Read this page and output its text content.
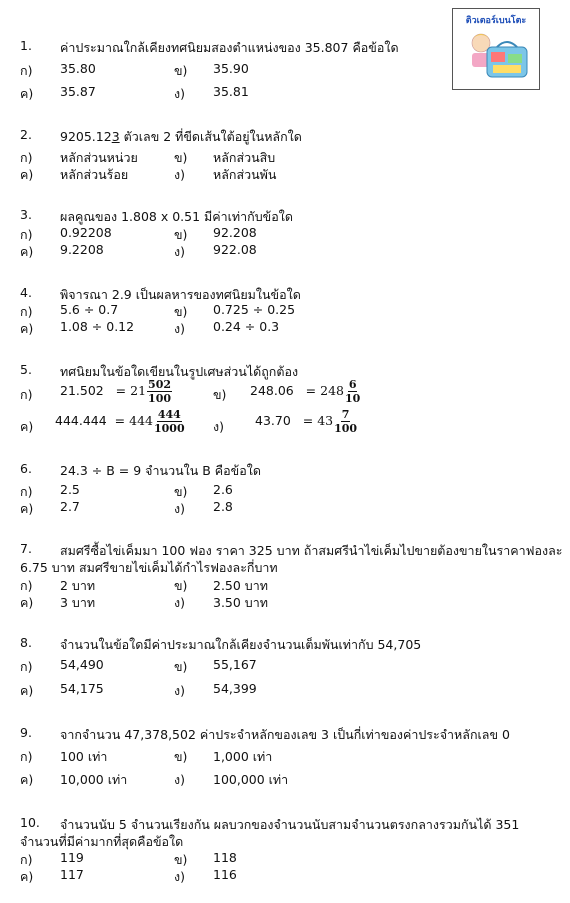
ติวเตอร์เบนโตะ
1. ค่าประมาณใกล้เคียงทศนิยมสองตำแหน่งของ 35.807 คือข้อใด
ก) 35.80	ข) 35.90
ค) 35.87	ง) 35.81
2. 9205.123 ตัวเลข 2 ที่ขีดเส้นใต้อยู่ในหลักใด
ก) หลักส่วนหน่วย	ข) หลักส่วนสิบ
ค) หลักส่วนร้อย	ง) หลักส่วนพัน
3. ผลคูณของ 1.808 x 0.51 มีค่าเท่ากับข้อใด
ก) 0.92208	ข) 92.208
ค) 9.2208	ง) 922.08
4. พิจารณา 2.9 เป็นผลหารของทศนิยมในข้อใด
ก) 5.6 ÷ 0.7	ข) 0.725 ÷ 0.25
ค) 1.08 ÷ 0.12	ง) 0.24 ÷ 0.3
5. ทศนิยมในข้อใดเขียนในรูปเศษส่วนได้ถูกต้อง
ก) $21.502 = 21 \frac{502}{100}$	ข) $248.06 = 248 \frac{6}{10}$
ค) $444.444 = 444 \frac{444}{1000}$ ง) $43.70 = 43 \frac{7}{100}$
6. 24.3 ÷ B = 9 จำนวนใน B คือข้อใด
ก) 2.5	ข) 2.6
ค) 2.7	ง) 2.8
7. สมศรีซื้อไข่เค็มมา 100 ฟอง ราคา 325 บาท ถ้าสมศรีนำไข่เค็มไปขายต้องขายในราคาฟองละ
6.75 บาท สมศรีขายไข่เค็มได้กำไรฟองละกี่บาท
ก) 2 บาท	ข) 2.50 บาท
ค) 3 บาท	ง) 3.50 บาท
8. จำนวนในข้อใดมีค่าประมาณใกล้เคียงจำนวนเต็มพันเท่ากับ 54,705
ก) 54,490	ข) 55,167
ค) 54,175	ง) 54,399
9. จากจำนวน 47,378,502 ค่าประจำหลักของเลข 3 เป็นกี่เท่าของค่าประจำหลักเลข 0
ก) 100 เท่า	ข) 1,000 เท่า
ค) 10,000 เท่า	ง) 100,000 เท่า
10. จำนวนนับ 5 จำนวนเรียงกัน ผลบวกของจำนวนนับสามจำนวนตรงกลางรวมกันได้ 351
จำนวนที่มีค่ามากที่สุดคือข้อใด
ก) 119	ข) 118
ค) 117	ง) 116
